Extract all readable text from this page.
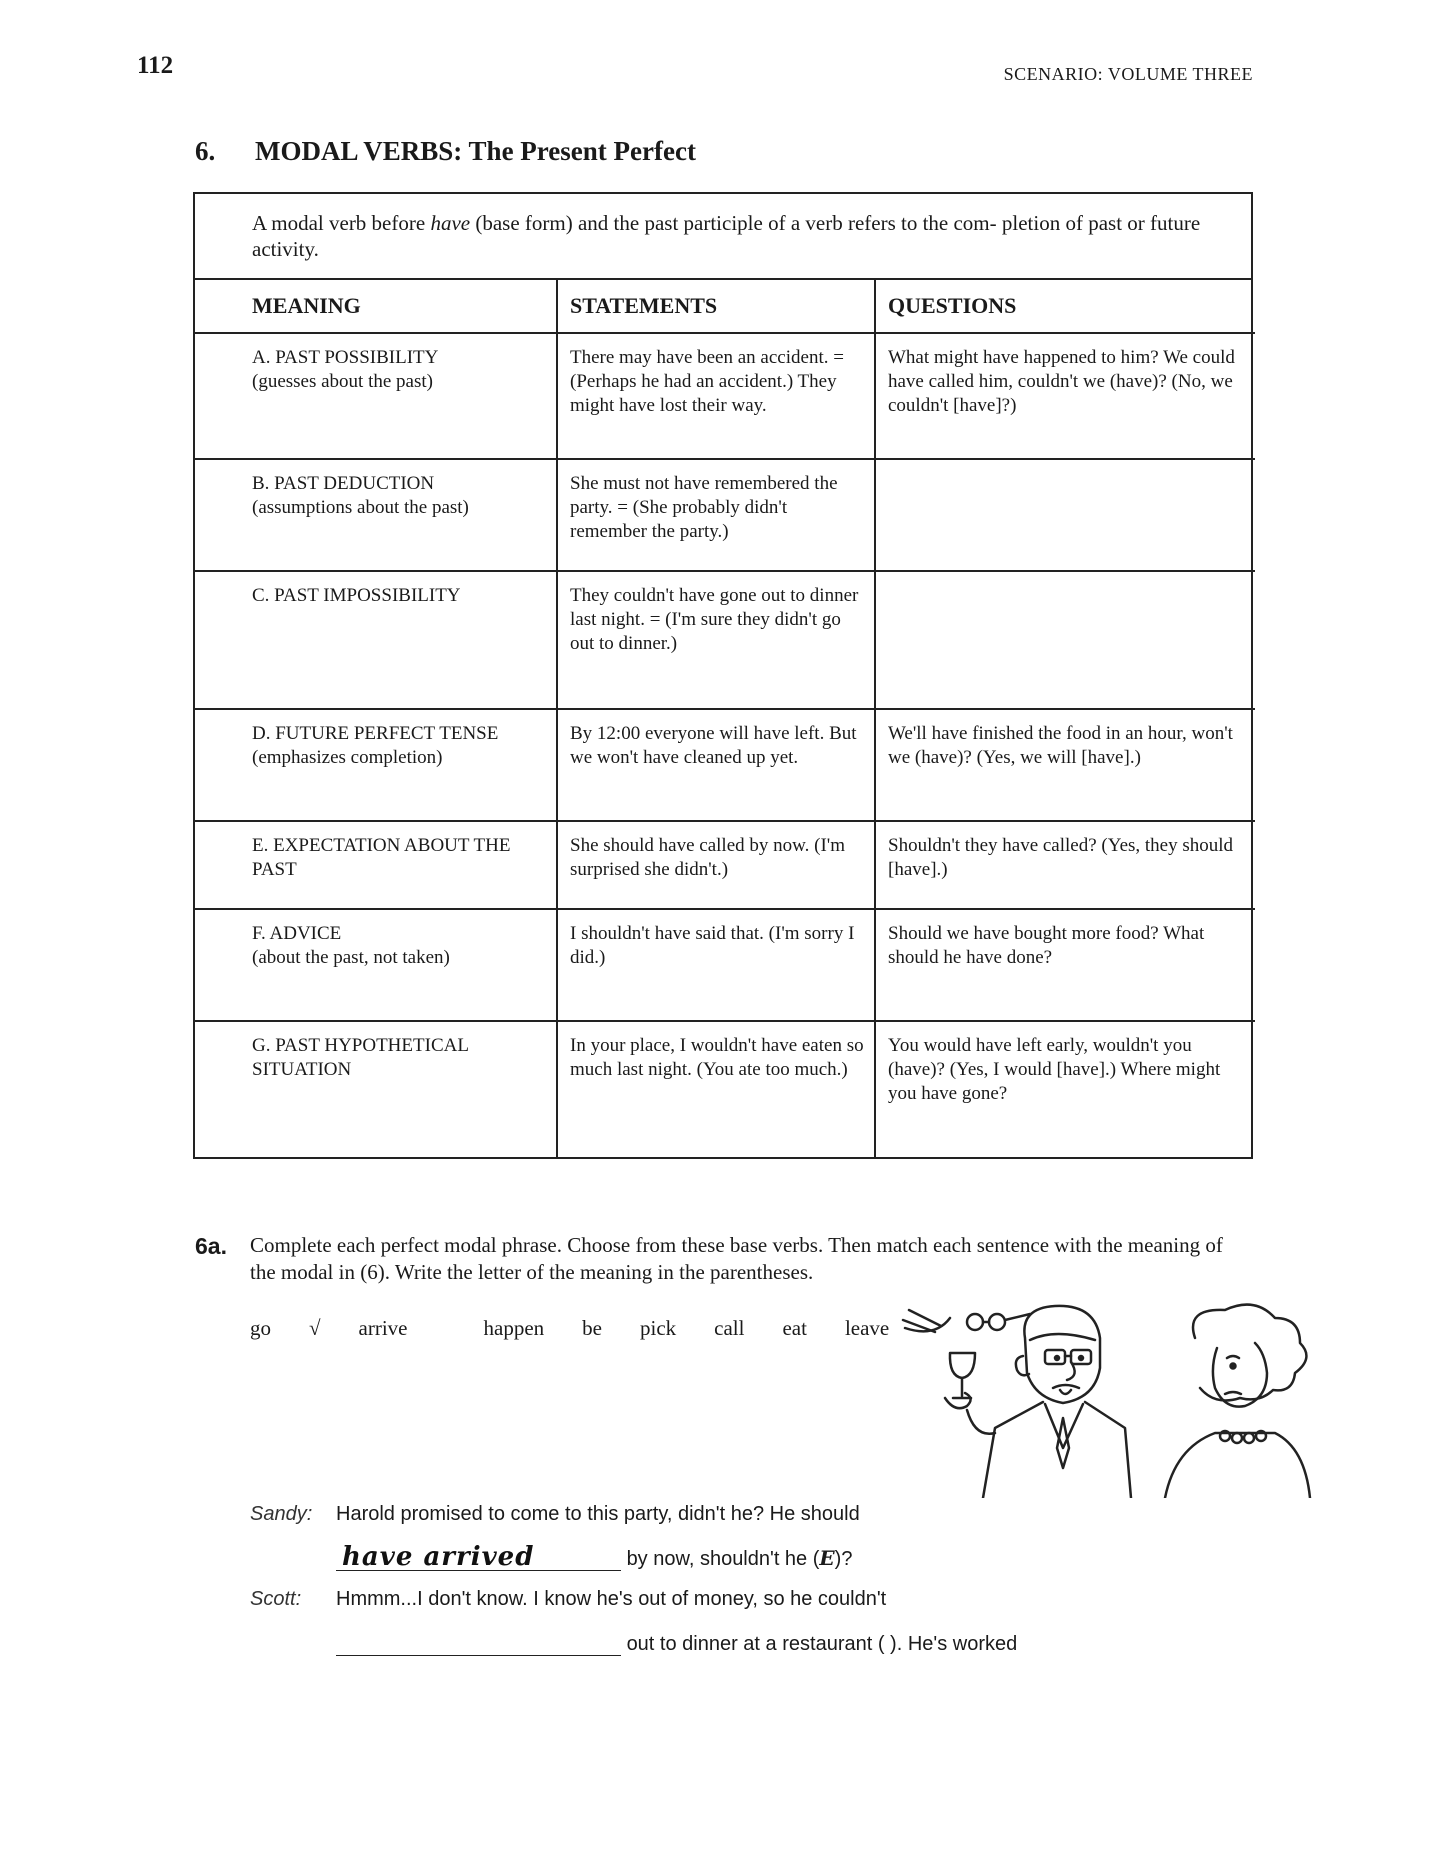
112	SCENARIO: VOLUME THREE
6. MODAL VERBS: The Present Perfect
A modal verb before have (base form) and the past participle of a verb refers to the com- pletion of past or future activity.
MEANING	STATEMENTS	QUESTIONS

A. PAST POSSIBILITY
(guesses about the past)	There may have been an accident. = (Perhaps he had an accident.) They might have lost their way.	What might have happened to him? We could have called him, couldn't we (have)? (No, we couldn't [have]?)

B. PAST DEDUCTION
(assumptions about the past)	She must not have remembered the party. = (She probably didn't remember the party.)	

C. PAST IMPOSSIBILITY	They couldn't have gone out to dinner last night. = (I'm sure they didn't go out to dinner.)	

D. FUTURE PERFECT TENSE
(emphasizes completion)	By 12:00 everyone will have left. But we won't have cleaned up yet.	We'll have finished the food in an hour, won't we (have)? (Yes, we will [have].)

E. EXPECTATION ABOUT THE PAST	She should have called by now. (I'm surprised she didn't.)	Shouldn't they have called? (Yes, they should [have].)

F. ADVICE
(about the past, not taken)	I shouldn't have said that. (I'm sorry I did.)	Should we have bought more food? What should he have done?

G. PAST HYPOTHETICAL SITUATION	In your place, I wouldn't have eaten so much last night. (You ate too much.)	You would have left early, wouldn't you (have)? (Yes, I would [have].) Where might you have gone?
6a. Complete each perfect modal phrase. Choose from these base verbs. Then match each sentence with the meaning of the modal in (6). Write the letter of the meaning in the parentheses.
go √ arrive	happen be pick call eat leave
Sandy: Harold promised to come to this party, didn't he? He should
have arrived	by now, shouldn't he (E)?
Scott: Hmmm...I don't know. I know he's out of money, so he couldn't
out to dinner at a restaurant ( ). He's worked
